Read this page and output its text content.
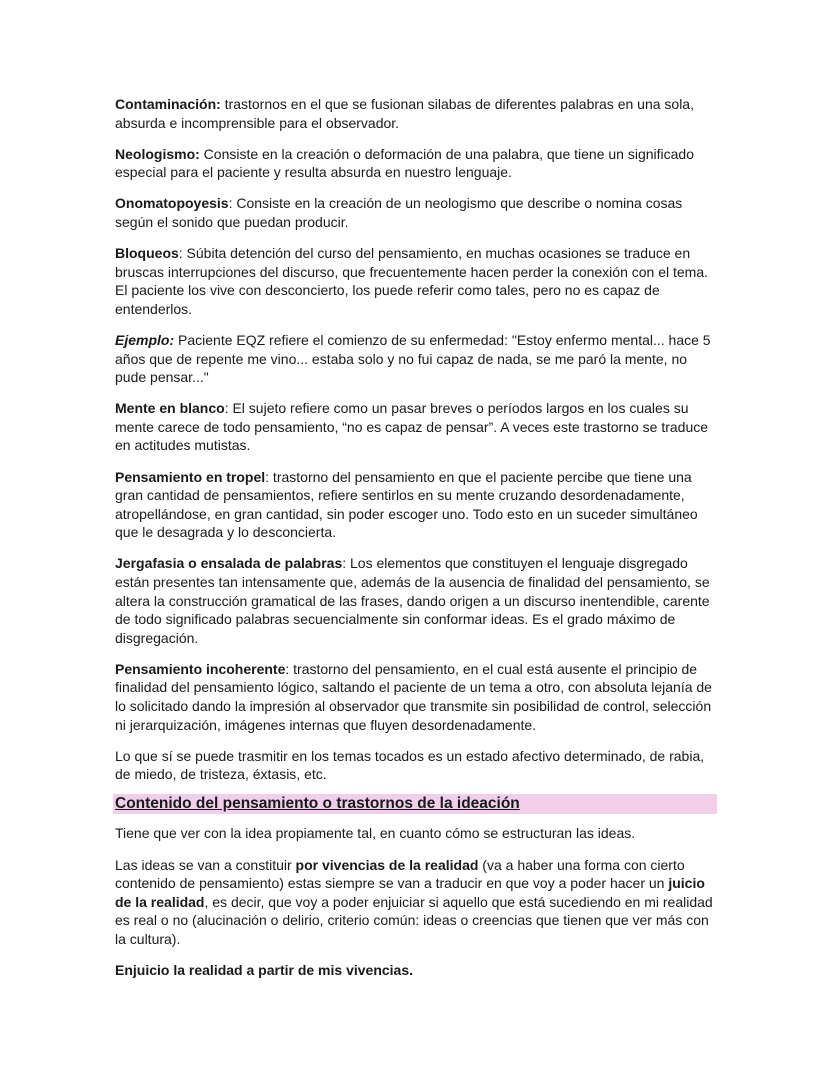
Contaminación: trastornos en el que se fusionan silabas de diferentes palabras en una sola, absurda e incomprensible para el observador.

Neologismo: Consiste en la creación o deformación de una palabra, que tiene un significado especial para el paciente y resulta absurda en nuestro lenguaje.

Onomatopoyesis: Consiste en la creación de un neologismo que describe o nomina cosas según el sonido que puedan producir.

Bloqueos: Súbita detención del curso del pensamiento, en muchas ocasiones se traduce en bruscas interrupciones del discurso, que frecuentemente hacen perder la conexión con el tema. El paciente los vive con desconcierto, los puede referir como tales, pero no es capaz de entenderlos.

Ejemplo: Paciente EQZ refiere el comienzo de su enfermedad: "Estoy enfermo mental... hace 5 años que de repente me vino... estaba solo y no fui capaz de nada, se me paró la mente, no pude pensar..."

Mente en blanco: El sujeto refiere como un pasar breves o períodos largos en los cuales su mente carece de todo pensamiento, “no es capaz de pensar”. A veces este trastorno se traduce en actitudes mutistas.

Pensamiento en tropel: trastorno del pensamiento en que el paciente percibe que tiene una gran cantidad de pensamientos, refiere sentirlos en su mente cruzando desordenadamente, atropellándose, en gran cantidad, sin poder escoger uno. Todo esto en un suceder simultáneo que le desagrada y lo desconcierta.

Jergafasia o ensalada de palabras: Los elementos que constituyen el lenguaje disgregado están presentes tan intensamente que, además de la ausencia de finalidad del pensamiento, se altera la construcción gramatical de las frases, dando origen a un discurso inentendible, carente de todo significado palabras secuencialmente sin conformar ideas. Es el grado máximo de disgregación.

Pensamiento incoherente: trastorno del pensamiento, en el cual está ausente el principio de finalidad del pensamiento lógico, saltando el paciente de un tema a otro, con absoluta lejanía de lo solicitado dando la impresión al observador que transmite sin posibilidad de control, selección ni jerarquización, imágenes internas que fluyen desordenadamente.

Lo que sí se puede trasmitir en los temas tocados es un estado afectivo determinado, de rabia, de miedo, de tristeza, éxtasis, etc.

Contenido del pensamiento o trastornos de la ideación

Tiene que ver con la idea propiamente tal, en cuanto cómo se estructuran las ideas.

Las ideas se van a constituir por vivencias de la realidad (va a haber una forma con cierto contenido de pensamiento) estas siempre se van a traducir en que voy a poder hacer un juicio de la realidad, es decir, que voy a poder enjuiciar si aquello que está sucediendo en mi realidad es real o no (alucinación o delirio, criterio común: ideas o creencias que tienen que ver más con la cultura).

Enjuicio la realidad a partir de mis vivencias.
